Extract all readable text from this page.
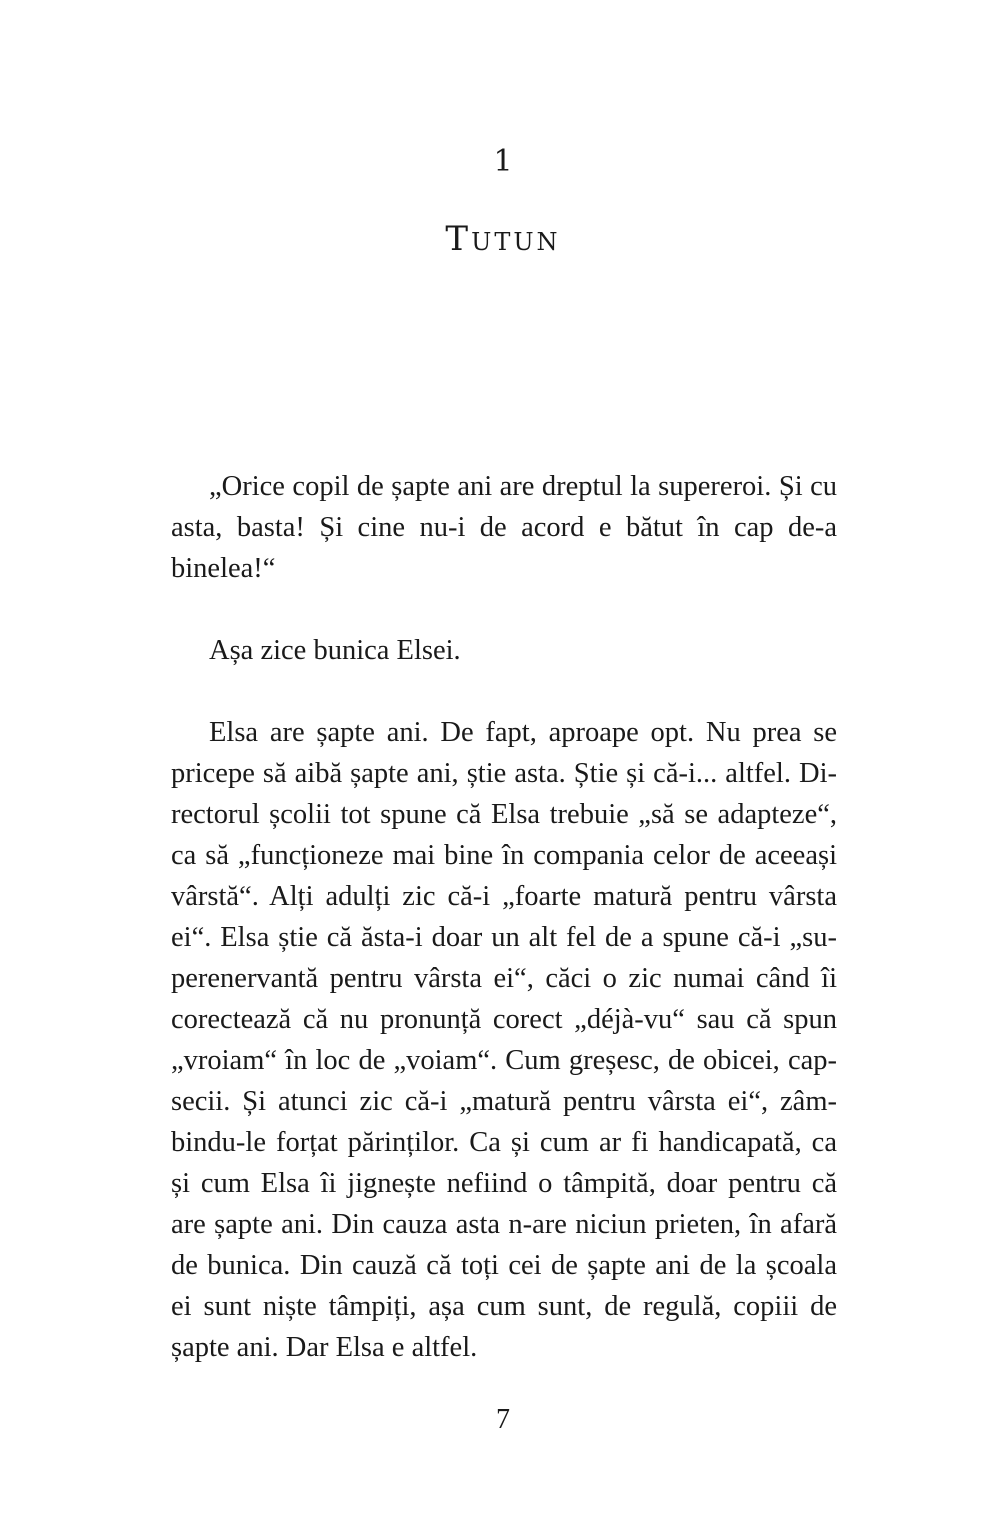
1
Tutun

„Orice copil de șapte ani are dreptul la supereroi. Și cu asta, basta! Și cine nu-i de acord e bătut în cap de-a binelea!“

Așa zice bunica Elsei.

Elsa are șapte ani. De fapt, aproape opt. Nu prea se pricepe să aibă șapte ani, știe asta. Știe și că-i... altfel. Directorul școlii tot spune că Elsa trebuie „să se adapteze“, ca să „funcționeze mai bine în compania celor de aceeași vârstă“. Alți adulți zic că-i „foarte matură pentru vârsta ei“. Elsa știe că ăsta-i doar un alt fel de a spune că-i „superenervantă pentru vârsta ei“, căci o zic numai când îi corectează că nu pronunță corect „déjà-vu“ sau că spun „vroiam“ în loc de „voiam“. Cum greșesc, de obicei, capsecii. Și atunci zic că-i „matură pentru vârsta ei“, zâmbindu-le forțat părinților. Ca și cum ar fi handicapată, ca și cum Elsa îi jignește nefiind o tâmpită, doar pentru că are șapte ani. Din cauza asta n-are niciun prieten, în afară de bunica. Din cauză că toți cei de șapte ani de la școala ei sunt niște tâmpiți, așa cum sunt, de regulă, copiii de șapte ani. Dar Elsa e altfel.

7
